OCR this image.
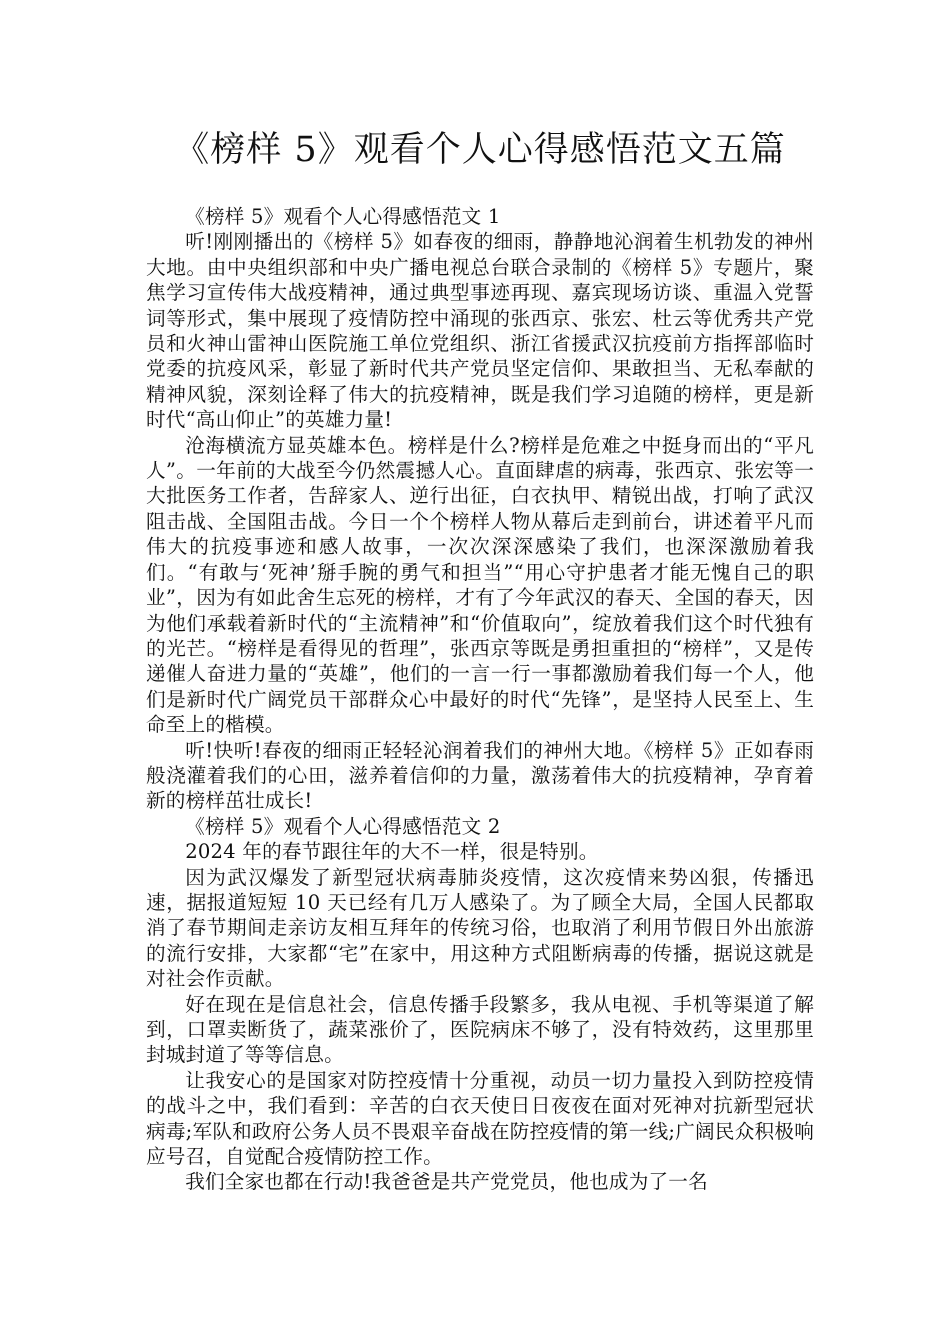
《榜样 5》观看个人心得感悟范文五篇

《榜样 5》观看个人心得感悟范文 1

听!刚刚播出的《榜样 5》如春夜的细雨，静静地沁润着生机勃发的神州大地。由中央组织部和中央广播电视总台联合录制的《榜样 5》专题片，聚焦学习宣传伟大战疫精神，通过典型事迹再现、嘉宾现场访谈、重温入党誓词等形式，集中展现了疫情防控中涌现的张西京、张宏、杜云等优秀共产党员和火神山雷神山医院施工单位党组织、浙江省援武汉抗疫前方指挥部临时党委的抗疫风采，彰显了新时代共产党员坚定信仰、果敢担当、无私奉献的精神风貌，深刻诠释了伟大的抗疫精神，既是我们学习追随的榜样，更是新时代“高山仰止”的英雄力量!

沧海横流方显英雄本色。榜样是什么?榜样是危难之中挺身而出的“平凡人”。一年前的大战至今仍然震撼人心。直面肆虐的病毒，张西京、张宏等一大批医务工作者，告辞家人、逆行出征，白衣执甲、精锐出战，打响了武汉阻击战、全国阻击战。今日一个个榜样人物从幕后走到前台，讲述着平凡而伟大的抗疫事迹和感人故事，一次次深深感染了我们，也深深激励着我们。“有敢与‘死神’掰手腕的勇气和担当”“用心守护患者才能无愧自己的职业”，因为有如此舍生忘死的榜样，才有了今年武汉的春天、全国的春天，因为他们承载着新时代的“主流精神”和“价值取向”，绽放着我们这个时代独有的光芒。“榜样是看得见的哲理”，张西京等既是勇担重担的“榜样”，又是传递催人奋进力量的“英雄”，他们的一言一行一事都激励着我们每一个人，他们是新时代广阔党员干部群众心中最好的时代“先锋”，是坚持人民至上、生命至上的楷模。

听!快听!春夜的细雨正轻轻沁润着我们的神州大地。《榜样 5》正如春雨般浇灌着我们的心田，滋养着信仰的力量，激荡着伟大的抗疫精神，孕育着新的榜样茁壮成长!

《榜样 5》观看个人心得感悟范文 2

2024 年的春节跟往年的大不一样，很是特别。

因为武汉爆发了新型冠状病毒肺炎疫情，这次疫情来势凶狠，传播迅速，据报道短短 10 天已经有几万人感染了。为了顾全大局，全国人民都取消了春节期间走亲访友相互拜年的传统习俗，也取消了利用节假日外出旅游的流行安排，大家都“宅”在家中，用这种方式阻断病毒的传播，据说这就是对社会作贡献。

好在现在是信息社会，信息传播手段繁多，我从电视、手机等渠道了解到，口罩卖断货了，蔬菜涨价了，医院病床不够了，没有特效药，这里那里封城封道了等等信息。

让我安心的是国家对防控疫情十分重视，动员一切力量投入到防控疫情的战斗之中，我们看到：辛苦的白衣天使日日夜夜在面对死神对抗新型冠状病毒;军队和政府公务人员不畏艰辛奋战在防控疫情的第一线;广阔民众积极响应号召，自觉配合疫情防控工作。

我们全家也都在行动!我爸爸是共产党党员，他也成为了一名
